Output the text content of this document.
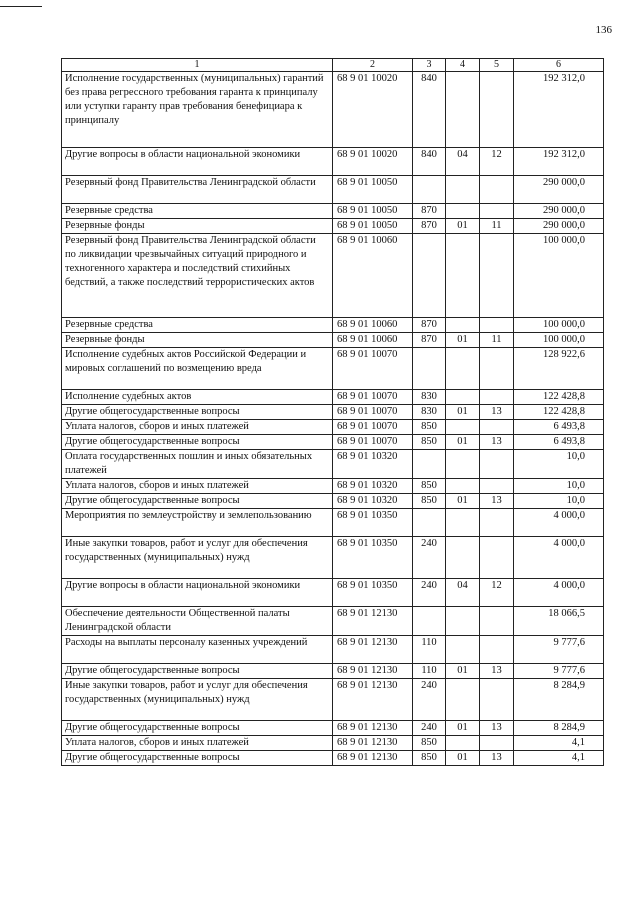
136
1	2	3	4	5	6
Исполнение государственных (муниципальных) гарантий без права регрессного требования гаранта к принципалу или уступки гаранту прав требования бенефициара к принципалу	68 9 01 10020	840			192 312,0
Другие вопросы в области национальной экономики	68 9 01 10020	840	04	12	192 312,0
Резервный фонд Правительства Ленинградской области	68 9 01 10050				290 000,0
Резервные средства	68 9 01 10050	870			290 000,0
Резервные фонды	68 9 01 10050	870	01	11	290 000,0
Резервный фонд Правительства Ленинградской области по ликвидации чрезвычайных ситуаций природного и техногенного характера и последствий стихийных бедствий, а также последствий террористических актов	68 9 01 10060				100 000,0
Резервные средства	68 9 01 10060	870			100 000,0
Резервные фонды	68 9 01 10060	870	01	11	100 000,0
Исполнение судебных актов Российской Федерации и мировых соглашений по возмещению вреда	68 9 01 10070				128 922,6
Исполнение судебных актов	68 9 01 10070	830			122 428,8
Другие общегосударственные вопросы	68 9 01 10070	830	01	13	122 428,8
Уплата налогов, сборов и иных платежей	68 9 01 10070	850			6 493,8
Другие общегосударственные вопросы	68 9 01 10070	850	01	13	6 493,8
Оплата государственных пошлин и иных обязательных платежей	68 9 01 10320				10,0
Уплата налогов, сборов и иных платежей	68 9 01 10320	850			10,0
Другие общегосударственные вопросы	68 9 01 10320	850	01	13	10,0
Мероприятия по землеустройству и землепользованию	68 9 01 10350				4 000,0
Иные закупки товаров, работ и услуг для обеспечения государственных (муниципальных) нужд	68 9 01 10350	240			4 000,0
Другие вопросы в области национальной экономики	68 9 01 10350	240	04	12	4 000,0
Обеспечение деятельности Общественной палаты Ленинградской области	68 9 01 12130				18 066,5
Расходы на выплаты персоналу казенных учреждений	68 9 01 12130	110			9 777,6
Другие общегосударственные вопросы	68 9 01 12130	110	01	13	9 777,6
Иные закупки товаров, работ и услуг для обеспечения государственных (муниципальных) нужд	68 9 01 12130	240			8 284,9
Другие общегосударственные вопросы	68 9 01 12130	240	01	13	8 284,9
Уплата налогов, сборов и иных платежей	68 9 01 12130	850			4,1
Другие общегосударственные вопросы	68 9 01 12130	850	01	13	4,1
